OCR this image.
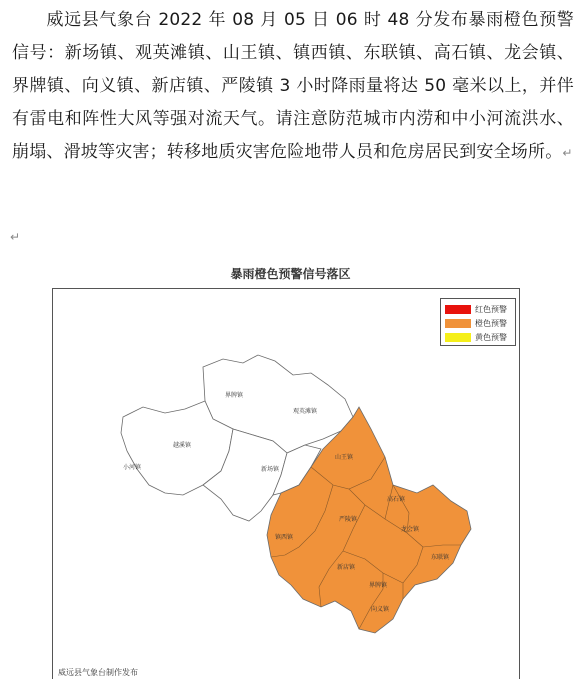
威远县气象台 2022 年 08 月 05 日 06 时 48 分发布暴雨橙色预警信号：新场镇、观英滩镇、山王镇、镇西镇、东联镇、高石镇、龙会镇、界牌镇、向义镇、新店镇、严陵镇 3 小时降雨量将达 50 毫米以上，并伴有雷电和阵性大风等强对流天气。请注意防范城市内涝和中小河流洪水、崩塌、滑坡等灾害；转移地质灾害危险地带人员和危房居民到安全场所。↵
↵
暴雨橙色预警信号落区
界牌镇
观英滩镇
越溪镇
小河镇	新场镇
山王镇
高石镇
严陵镇
龙会镇
镇西镇
东联镇
新店镇
界牌镇
向义镇
红色预警
橙色预警
黄色预警
威远县气象台制作发布
